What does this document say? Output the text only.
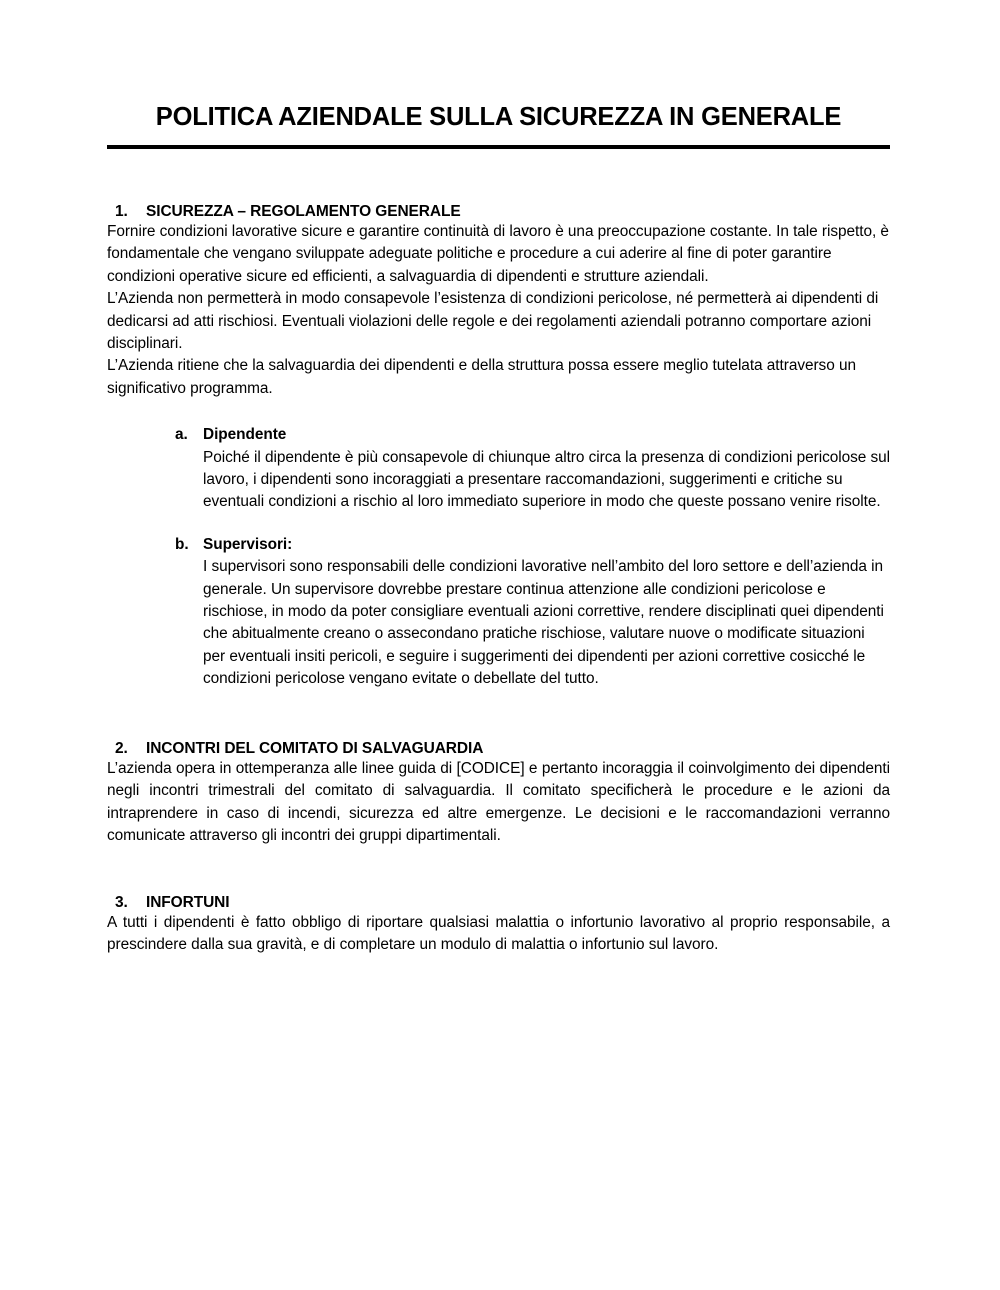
POLITICA AZIENDALE SULLA SICUREZZA IN GENERALE
1.	SICUREZZA – REGOLAMENTO GENERALE

Fornire condizioni lavorative sicure e garantire continuità di lavoro è una preoccupazione costante. In tale rispetto, è fondamentale che vengano sviluppate adeguate politiche e procedure a cui aderire al fine di poter garantire condizioni operative sicure ed efficienti, a salvaguardia di dipendenti e strutture aziendali.

L’Azienda non permetterà in modo consapevole l’esistenza di condizioni pericolose, né permetterà ai dipendenti di dedicarsi ad atti rischiosi. Eventuali violazioni delle regole e dei regolamenti aziendali potranno comportare azioni disciplinari.

L’Azienda ritiene che la salvaguardia dei dipendenti e della struttura possa essere meglio tutelata attraverso un significativo programma.

a. Dipendente
Poiché il dipendente è più consapevole di chiunque altro circa la presenza di condizioni pericolose sul lavoro, i dipendenti sono incoraggiati a presentare raccomandazioni, suggerimenti e critiche su eventuali condizioni a rischio al loro immediato superiore in modo che queste possano venire risolte.
b. Supervisori:
I supervisori sono responsabili delle condizioni lavorative nell’ambito del loro settore e dell’azienda in generale. Un supervisore dovrebbe prestare continua attenzione alle condizioni pericolose e rischiose, in modo da poter consigliare eventuali azioni correttive, rendere disciplinati quei dipendenti che abitualmente creano o assecondano pratiche rischiose, valutare nuove o modificate situazioni per eventuali insiti pericoli, e seguire i suggerimenti dei dipendenti per azioni correttive cosicché le condizioni pericolose vengano evitate o debellate del tutto.
2.	INCONTRI DEL COMITATO DI SALVAGUARDIA

L’azienda opera in ottemperanza alle linee guida di [CODICE] e pertanto incoraggia il coinvolgimento dei dipendenti negli incontri trimestrali del comitato di salvaguardia. Il comitato specificherà le procedure e le azioni da intraprendere in caso di incendi, sicurezza ed altre emergenze. Le decisioni e le raccomandazioni verranno comunicate attraverso gli incontri dei gruppi dipartimentali.

3.	INFORTUNI

A tutti i dipendenti è fatto obbligo di riportare qualsiasi malattia o infortunio lavorativo al proprio responsabile, a prescindere dalla sua gravità, e di completare un modulo di malattia o infortunio sul lavoro.
